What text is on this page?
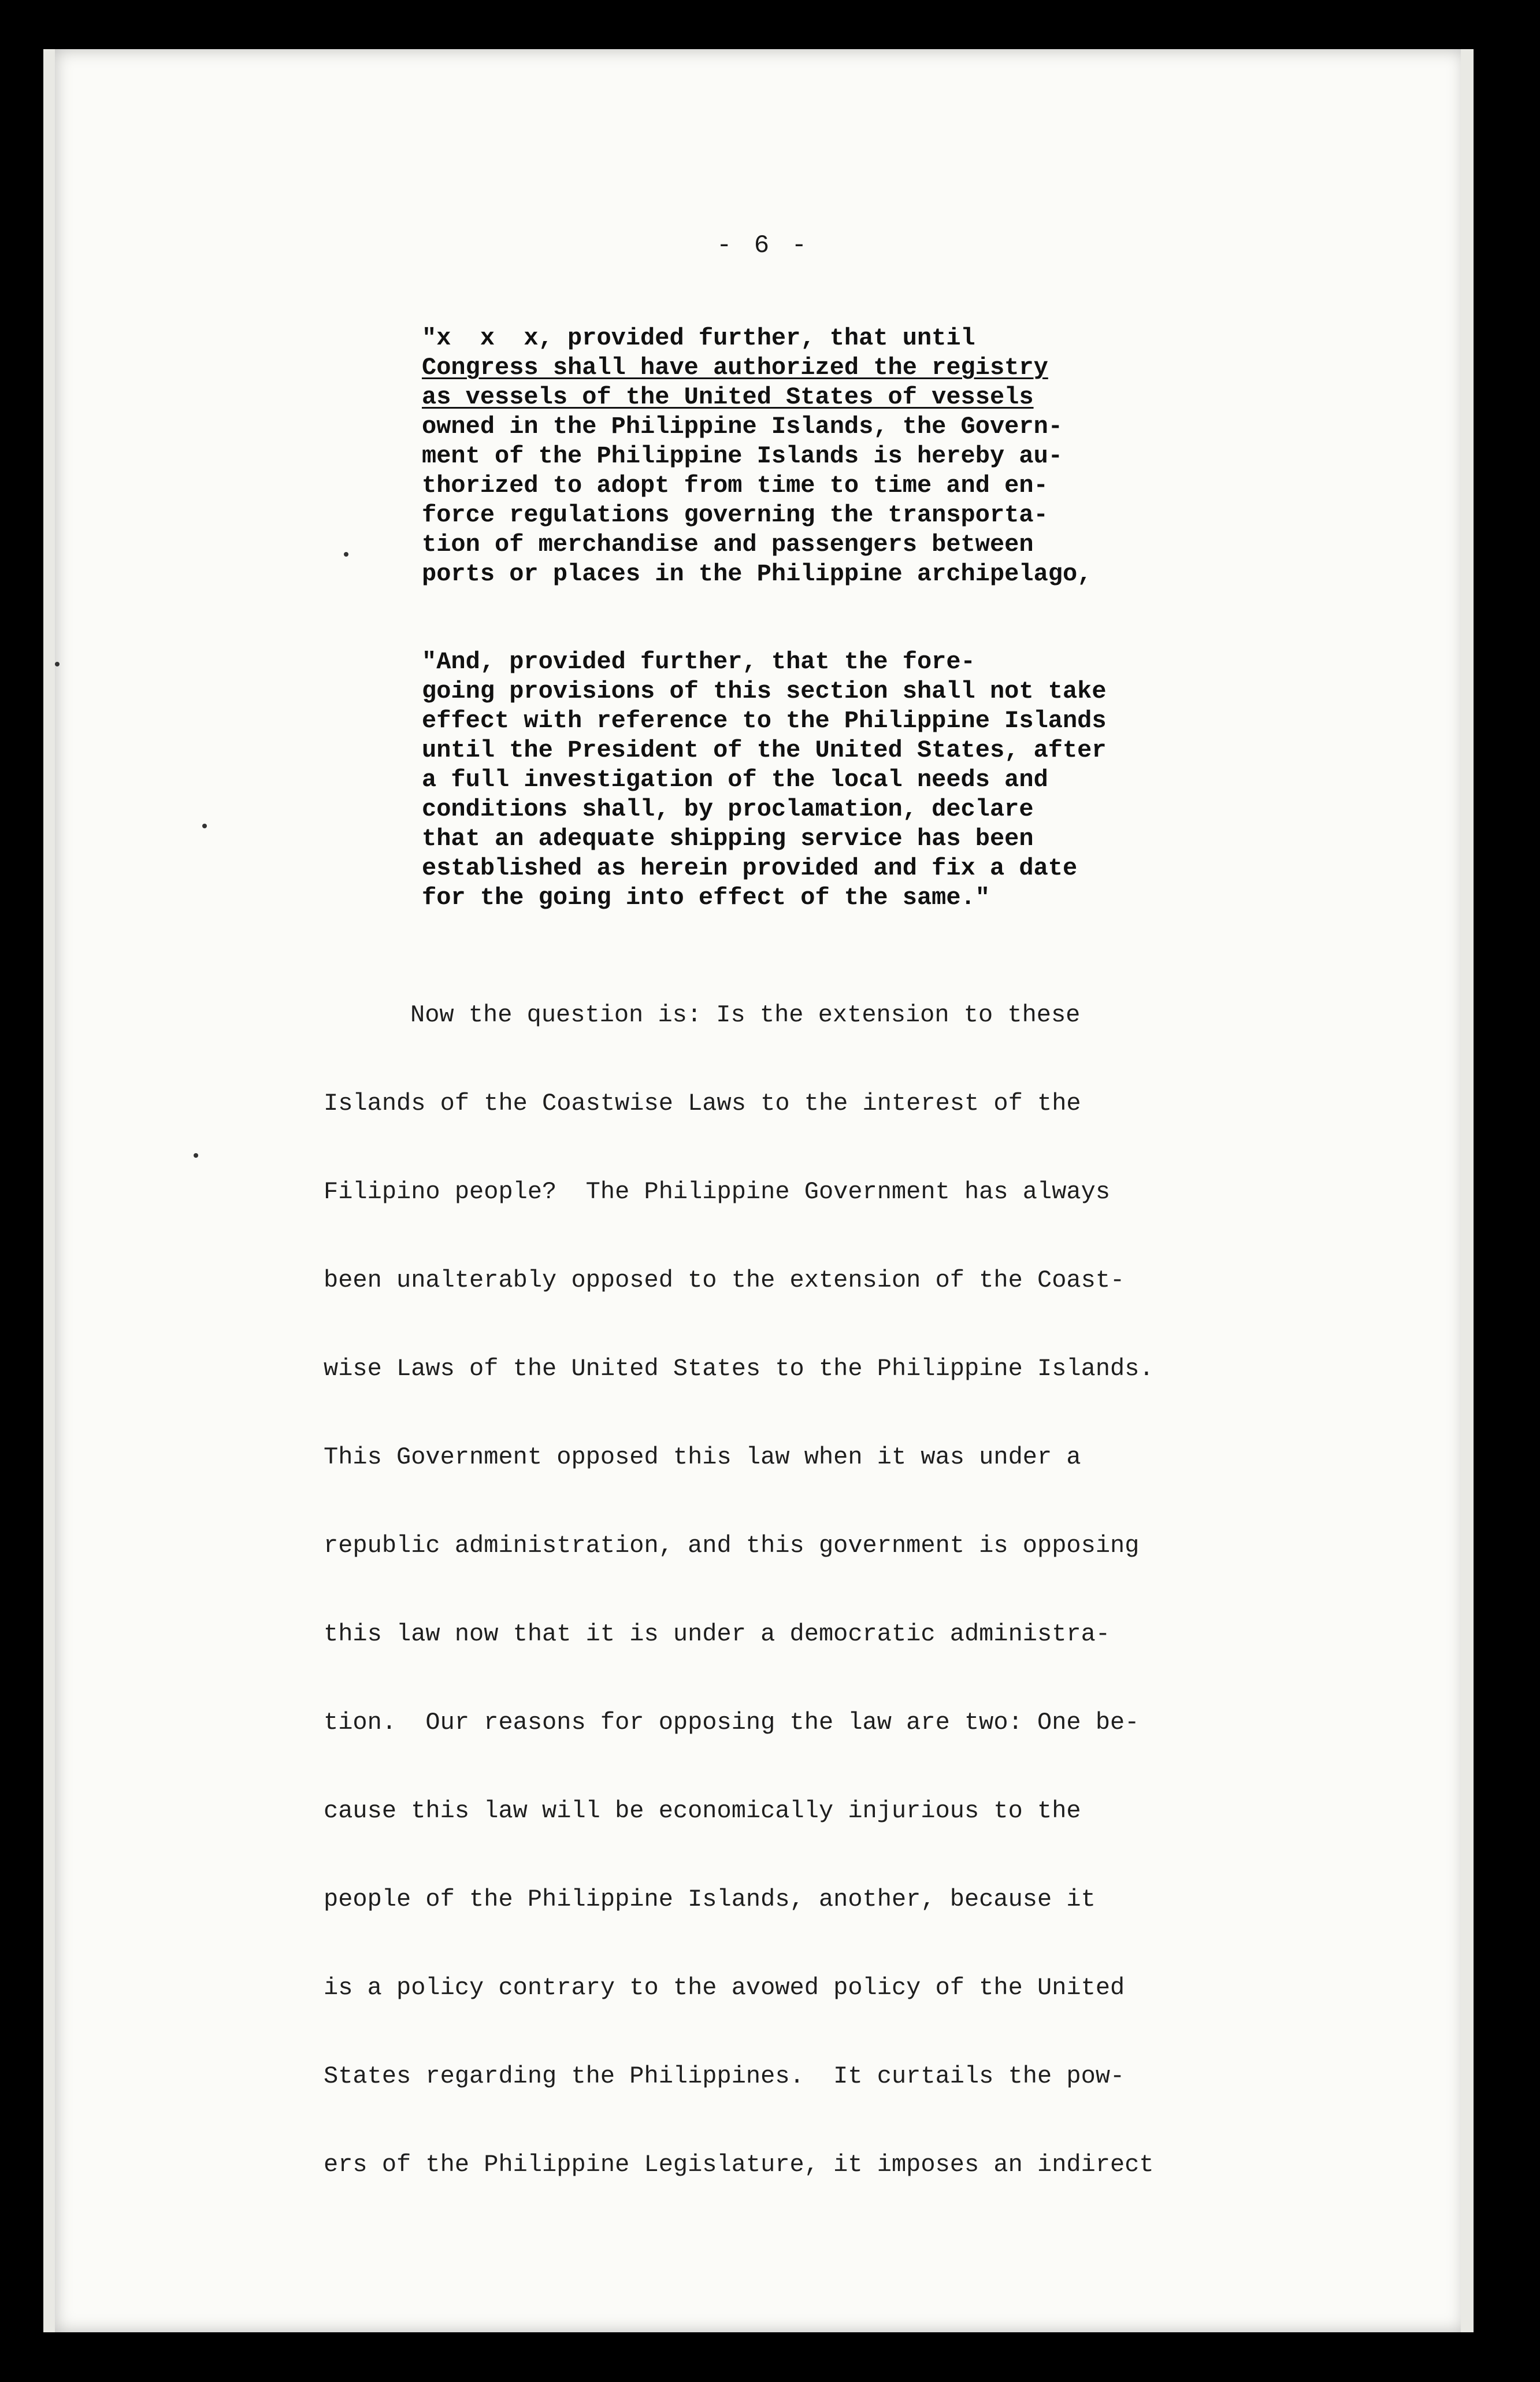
- 6 -
"x  x  x, provided further, that until
Congress shall have authorized the registry
as vessels of the United States of vessels
owned in the Philippine Islands, the Govern-
ment of the Philippine Islands is hereby au-
thorized to adopt from time to time and en-
force regulations governing the transporta-
tion of merchandise and passengers between
ports or places in the Philippine archipelago,
"And, provided further, that the fore-
going provisions of this section shall not take
effect with reference to the Philippine Islands
until the President of the United States, after
a full investigation of the local needs and
conditions shall, by proclamation, declare
that an adequate shipping service has been
established as herein provided and fix a date
for the going into effect of the same."
Now the question is: Is the extension to these
Islands of the Coastwise Laws to the interest of the
Filipino people?  The Philippine Government has always
been unalterably opposed to the extension of the Coast-
wise Laws of the United States to the Philippine Islands.
This Government opposed this law when it was under a
republic administration, and this government is opposing
this law now that it is under a democratic administra-
tion.  Our reasons for opposing the law are two: One be-
cause this law will be economically injurious to the
people of the Philippine Islands, another, because it
is a policy contrary to the avowed policy of the United
States regarding the Philippines.  It curtails the pow-
ers of the Philippine Legislature, it imposes an indirect
